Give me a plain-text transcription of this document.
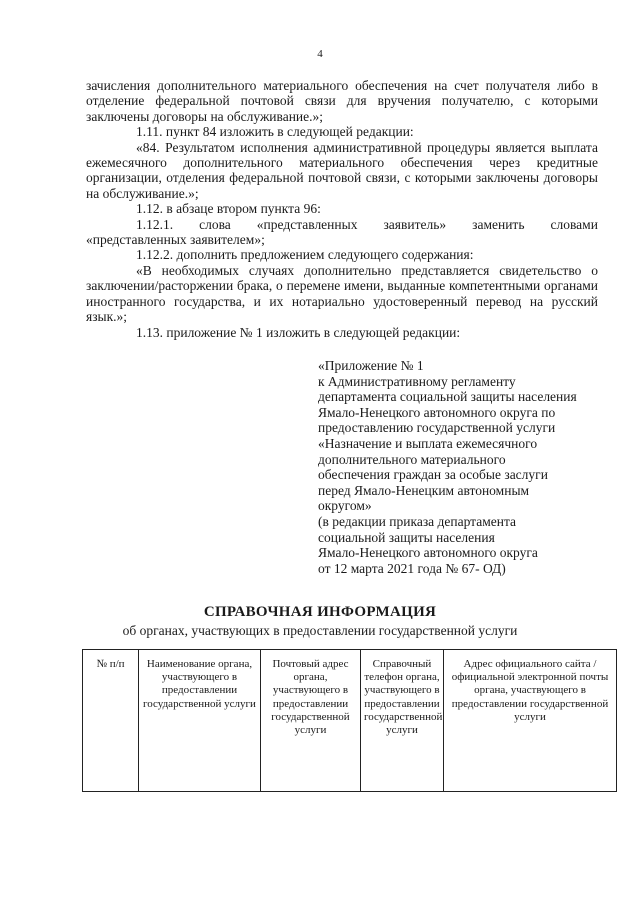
4

зачисления дополнительного материального обеспечения на счет получателя либо в отделение федеральной почтовой связи для вручения получателю, с которыми заключены договоры на обслуживание.»;

1.11. пункт 84 изложить в следующей редакции:

«84. Результатом исполнения административной процедуры является выплата ежемесячного дополнительного материального обеспечения через кредитные организации, отделения федеральной почтовой связи, с которыми заключены договоры на обслуживание.»;

1.12. в абзаце втором пункта 96:

1.12.1. слова «представленных заявитель» заменить словами

«представленных заявителем»;

1.12.2. дополнить предложением следующего содержания:

«В необходимых случаях дополнительно представляется свидетельство о заключении/расторжении брака, о перемене имени, выданные компетентными органами иностранного государства, и их нотариально удостоверенный перевод на русский язык.»;

1.13. приложение № 1 изложить в следующей редакции:

«Приложение № 1
к Административному регламенту
департамента социальной защиты населения
Ямало-Ненецкого автономного округа по
предоставлению государственной услуги
«Назначение и выплата ежемесячного
дополнительного материального
обеспечения граждан за особые заслуги
перед Ямало-Ненецким автономным
округом»
(в редакции приказа департамента
социальной защиты населения
Ямало-Ненецкого автономного округа
от 12 марта 2021 года № 67- ОД)
СПРАВОЧНАЯ ИНФОРМАЦИЯ
об органах, участвующих в предоставлении государственной услуги
№ п/п	Наименование органа, участвующего в предоставлении государственной услуги	Почтовый адрес органа, участвующего в предоставлении государственной услуги	Справочный телефон органа, участвующего в предоставлении государственной услуги	Адрес официального сайта /официальной электронной почты органа, участвующего в предоставлении государственной услуги
